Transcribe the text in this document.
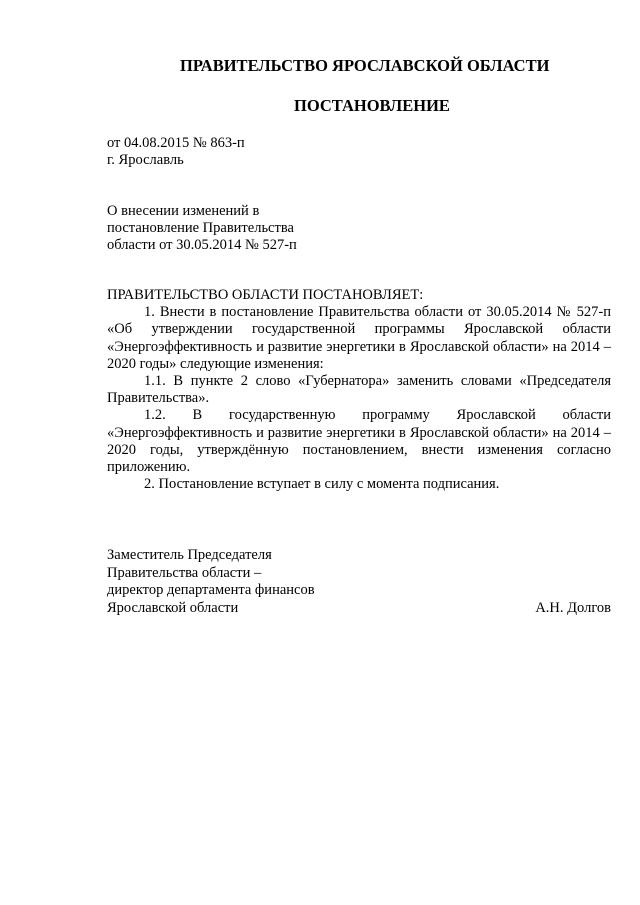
ПРАВИТЕЛЬСТВО ЯРОСЛАВСКОЙ ОБЛАСТИ
ПОСТАНОВЛЕНИЕ
от 04.08.2015 № 863-п
г. Ярославль
О внесении изменений в
постановление Правительства
области от 30.05.2014 № 527-п

ПРАВИТЕЛЬСТВО ОБЛАСТИ ПОСТАНОВЛЯЕТ:

1. Внести в постановление Правительства области от 30.05.2014 № 527-п «Об утверждении государственной программы Ярославской области «Энергоэффективность и развитие энергетики в Ярославской области» на 2014 – 2020 годы» следующие изменения:

1.1. В пункте 2 слово «Губернатора» заменить словами «Председателя Правительства».

1.2. В государственную программу Ярославской области «Энергоэффективность и развитие энергетики в Ярославской области» на 2014 – 2020 годы, утверждённую постановлением, внести изменения согласно приложению.

2. Постановление вступает в силу с момента подписания.

Заместитель Председателя
Правительства области –
директор департамента финансов
Ярославской области	А.Н. Долгов
